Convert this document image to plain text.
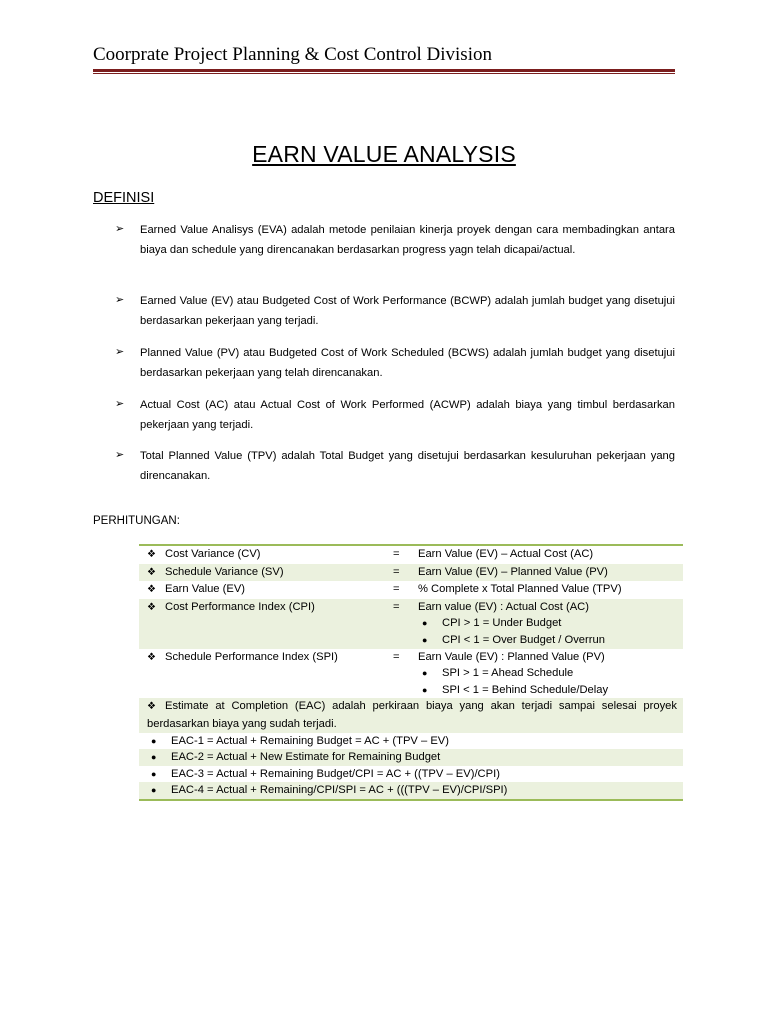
Coorprate Project Planning & Cost Control Division
EARN VALUE ANALYSIS
DEFINISI
➢	Earned Value Analisys (EVA) adalah metode penilaian kinerja proyek dengan cara membadingkan antara biaya dan schedule yang direncanakan berdasarkan progress yagn telah dicapai/actual.
➢	Earned Value (EV) atau Budgeted Cost of Work Performance (BCWP) adalah jumlah budget yang disetujui berdasarkan pekerjaan yang terjadi.
➢	Planned Value (PV) atau Budgeted Cost of Work Scheduled (BCWS) adalah jumlah budget yang disetujui berdasarkan pekerjaan yang telah direncanakan.
➢	Actual Cost (AC) atau Actual Cost of Work Performed (ACWP) adalah biaya yang timbul berdasarkan pekerjaan yang terjadi.
➢	Total Planned Value (TPV) adalah Total Budget yang disetujui berdasarkan kesuluruhan pekerjaan yang direncanakan.
PERHITUNGAN:
❖ Cost Variance (CV)	=	Earn Value (EV) – Actual Cost (AC)
❖ Schedule Variance (SV)	=	Earn Value (EV) – Planned Value (PV)
❖ Earn Value (EV)	=	% Complete x Total Planned Value (TPV)
❖ Cost Performance Index (CPI)	=	Earn value (EV) : Actual Cost (AC)
● CPI > 1 = Under Budget
● CPI < 1 = Over Budget / Overrun

❖ Schedule Performance Index (SPI)	=	Earn Vaule (EV) : Planned Value (PV)
● SPI > 1 = Ahead Schedule
● SPI < 1 = Behind Schedule/Delay

❖ Estimate at Completion (EAC) adalah perkiraan biaya yang akan terjadi sampai selesai proyek berdasarkan biaya yang sudah terjadi.		
● EAC-1 = Actual + Remaining Budget = AC + (TPV – EV)		
● EAC-2 = Actual + New Estimate for Remaining Budget		
● EAC-3 = Actual + Remaining Budget/CPI = AC + ((TPV – EV)/CPI)		
● EAC-4 = Actual + Remaining/CPI/SPI = AC + (((TPV – EV)/CPI/SPI)		
